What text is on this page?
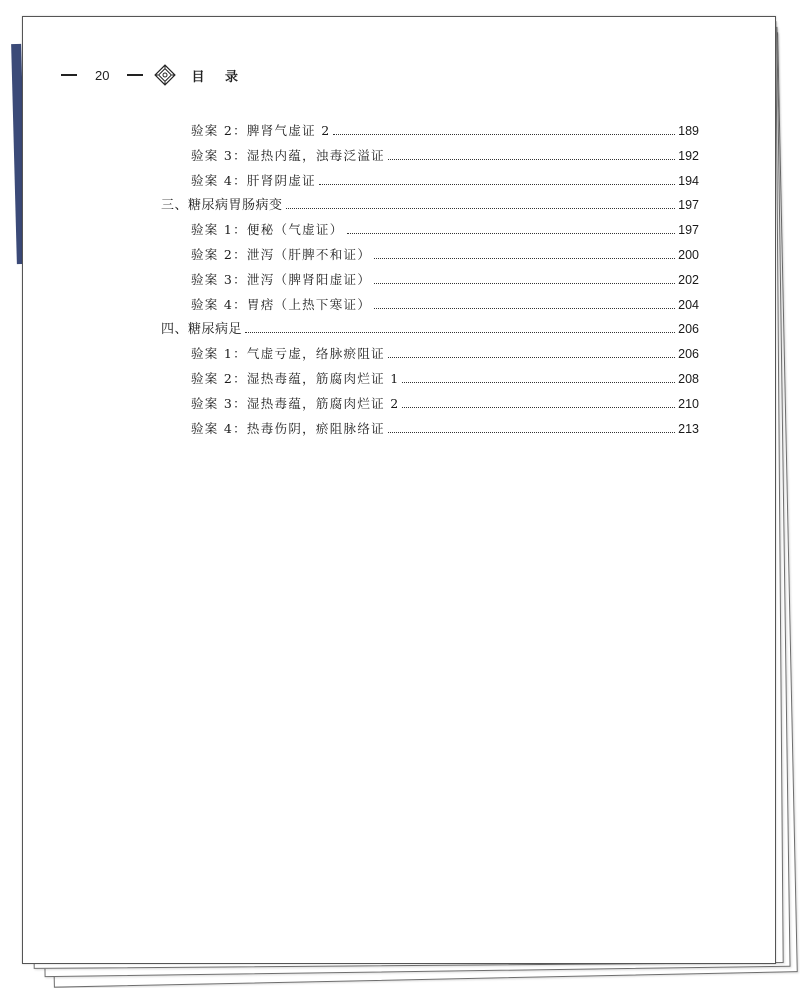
20	目 录
验案 2：脾肾气虚证 2	189
验案 3：湿热内蕴，浊毒泛溢证	192
验案 4：肝肾阴虚证	194
三、糖尿病胃肠病变	197
验案 1：便秘（气虚证）	197
验案 2：泄泻（肝脾不和证）	200
验案 3：泄泻（脾肾阳虚证）	202
验案 4：胃痞（上热下寒证）	204
四、糖尿病足	206
验案 1：气虚亏虚，络脉瘀阻证	206
验案 2：湿热毒蕴，筋腐肉烂证 1	208
验案 3：湿热毒蕴，筋腐肉烂证 2	210
验案 4：热毒伤阴，瘀阻脉络证	213
